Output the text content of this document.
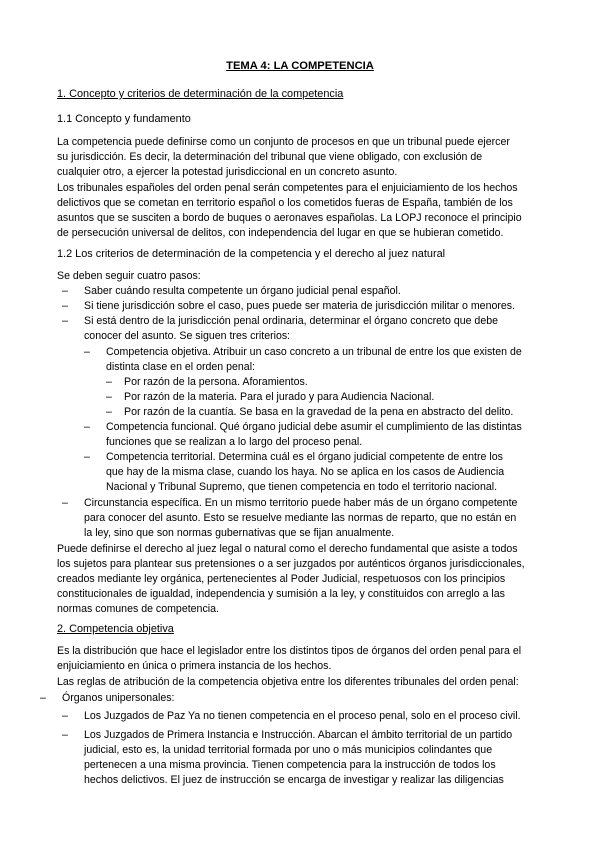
TEMA 4: LA COMPETENCIA
1. Concepto y criterios de determinación de la competencia
1.1 Concepto y fundamento
La competencia puede definirse como un conjunto de procesos en que un tribunal puede ejercer
su jurisdicción. Es decir, la determinación del tribunal que viene obligado, con exclusión de
cualquier otro, a ejercer la potestad jurisdiccional en un concreto asunto.
Los tribunales españoles del orden penal serán competentes para el enjuiciamiento de los hechos
delictivos que se cometan en territorio español o los cometidos fueras de España, también de los
asuntos que se susciten a bordo de buques o aeronaves españolas. La LOPJ reconoce el principio
de persecución universal de delitos, con independencia del lugar en que se hubieran cometido.
1.2 Los criterios de determinación de la competencia y el derecho al juez natural
Se deben seguir cuatro pasos:
– Saber cuándo resulta competente un órgano judicial penal español.
– Si tiene jurisdicción sobre el caso, pues puede ser materia de jurisdicción militar o menores.
– Si está dentro de la jurisdicción penal ordinaria, determinar el órgano concreto que debe
conocer del asunto. Se siguen tres criterios:
– Competencia objetiva. Atribuir un caso concreto a un tribunal de entre los que existen de
distinta clase en el orden penal:
– Por razón de la persona. Aforamientos.
– Por razón de la materia. Para el jurado y para Audiencia Nacional.
– Por razón de la cuantía. Se basa en la gravedad de la pena en abstracto del delito.
– Competencia funcional. Qué órgano judicial debe asumir el cumplimiento de las distintas
funciones que se realizan a lo largo del proceso penal.
– Competencia territorial. Determina cuál es el órgano judicial competente de entre los
que hay de la misma clase, cuando los haya. No se aplica en los casos de Audiencia
Nacional y Tribunal Supremo, que tienen competencia en todo el territorio nacional.
– Circunstancia específica. En un mismo territorio puede haber más de un órgano competente
para conocer del asunto. Esto se resuelve mediante las normas de reparto, que no están en
la ley, sino que son normas gubernativas que se fijan anualmente.
Puede definirse el derecho al juez legal o natural como el derecho fundamental que asiste a todos
los sujetos para plantear sus pretensiones o a ser juzgados por auténticos órganos jurisdiccionales,
creados mediante ley orgánica, pertenecientes al Poder Judicial, respetuosos con los principios
constitucionales de igualdad, independencia y sumisión a la ley, y constituidos con arreglo a las
normas comunes de competencia.
2. Competencia objetiva
Es la distribución que hace el legislador entre los distintos tipos de órganos del orden penal para el
enjuiciamiento en única o primera instancia de los hechos.
Las reglas de atribución de la competencia objetiva entre los diferentes tribunales del orden penal:
– Órganos unipersonales:
– Los Juzgados de Paz Ya no tienen competencia en el proceso penal, solo en el proceso civil.
– Los Juzgados de Primera Instancia e Instrucción. Abarcan el ámbito territorial de un partido
judicial, esto es, la unidad territorial formada por uno o más municipios colindantes que
pertenecen a una misma provincia. Tienen competencia para la instrucción de todos los
hechos delictivos. El juez de instrucción se encarga de investigar y realizar las diligencias
